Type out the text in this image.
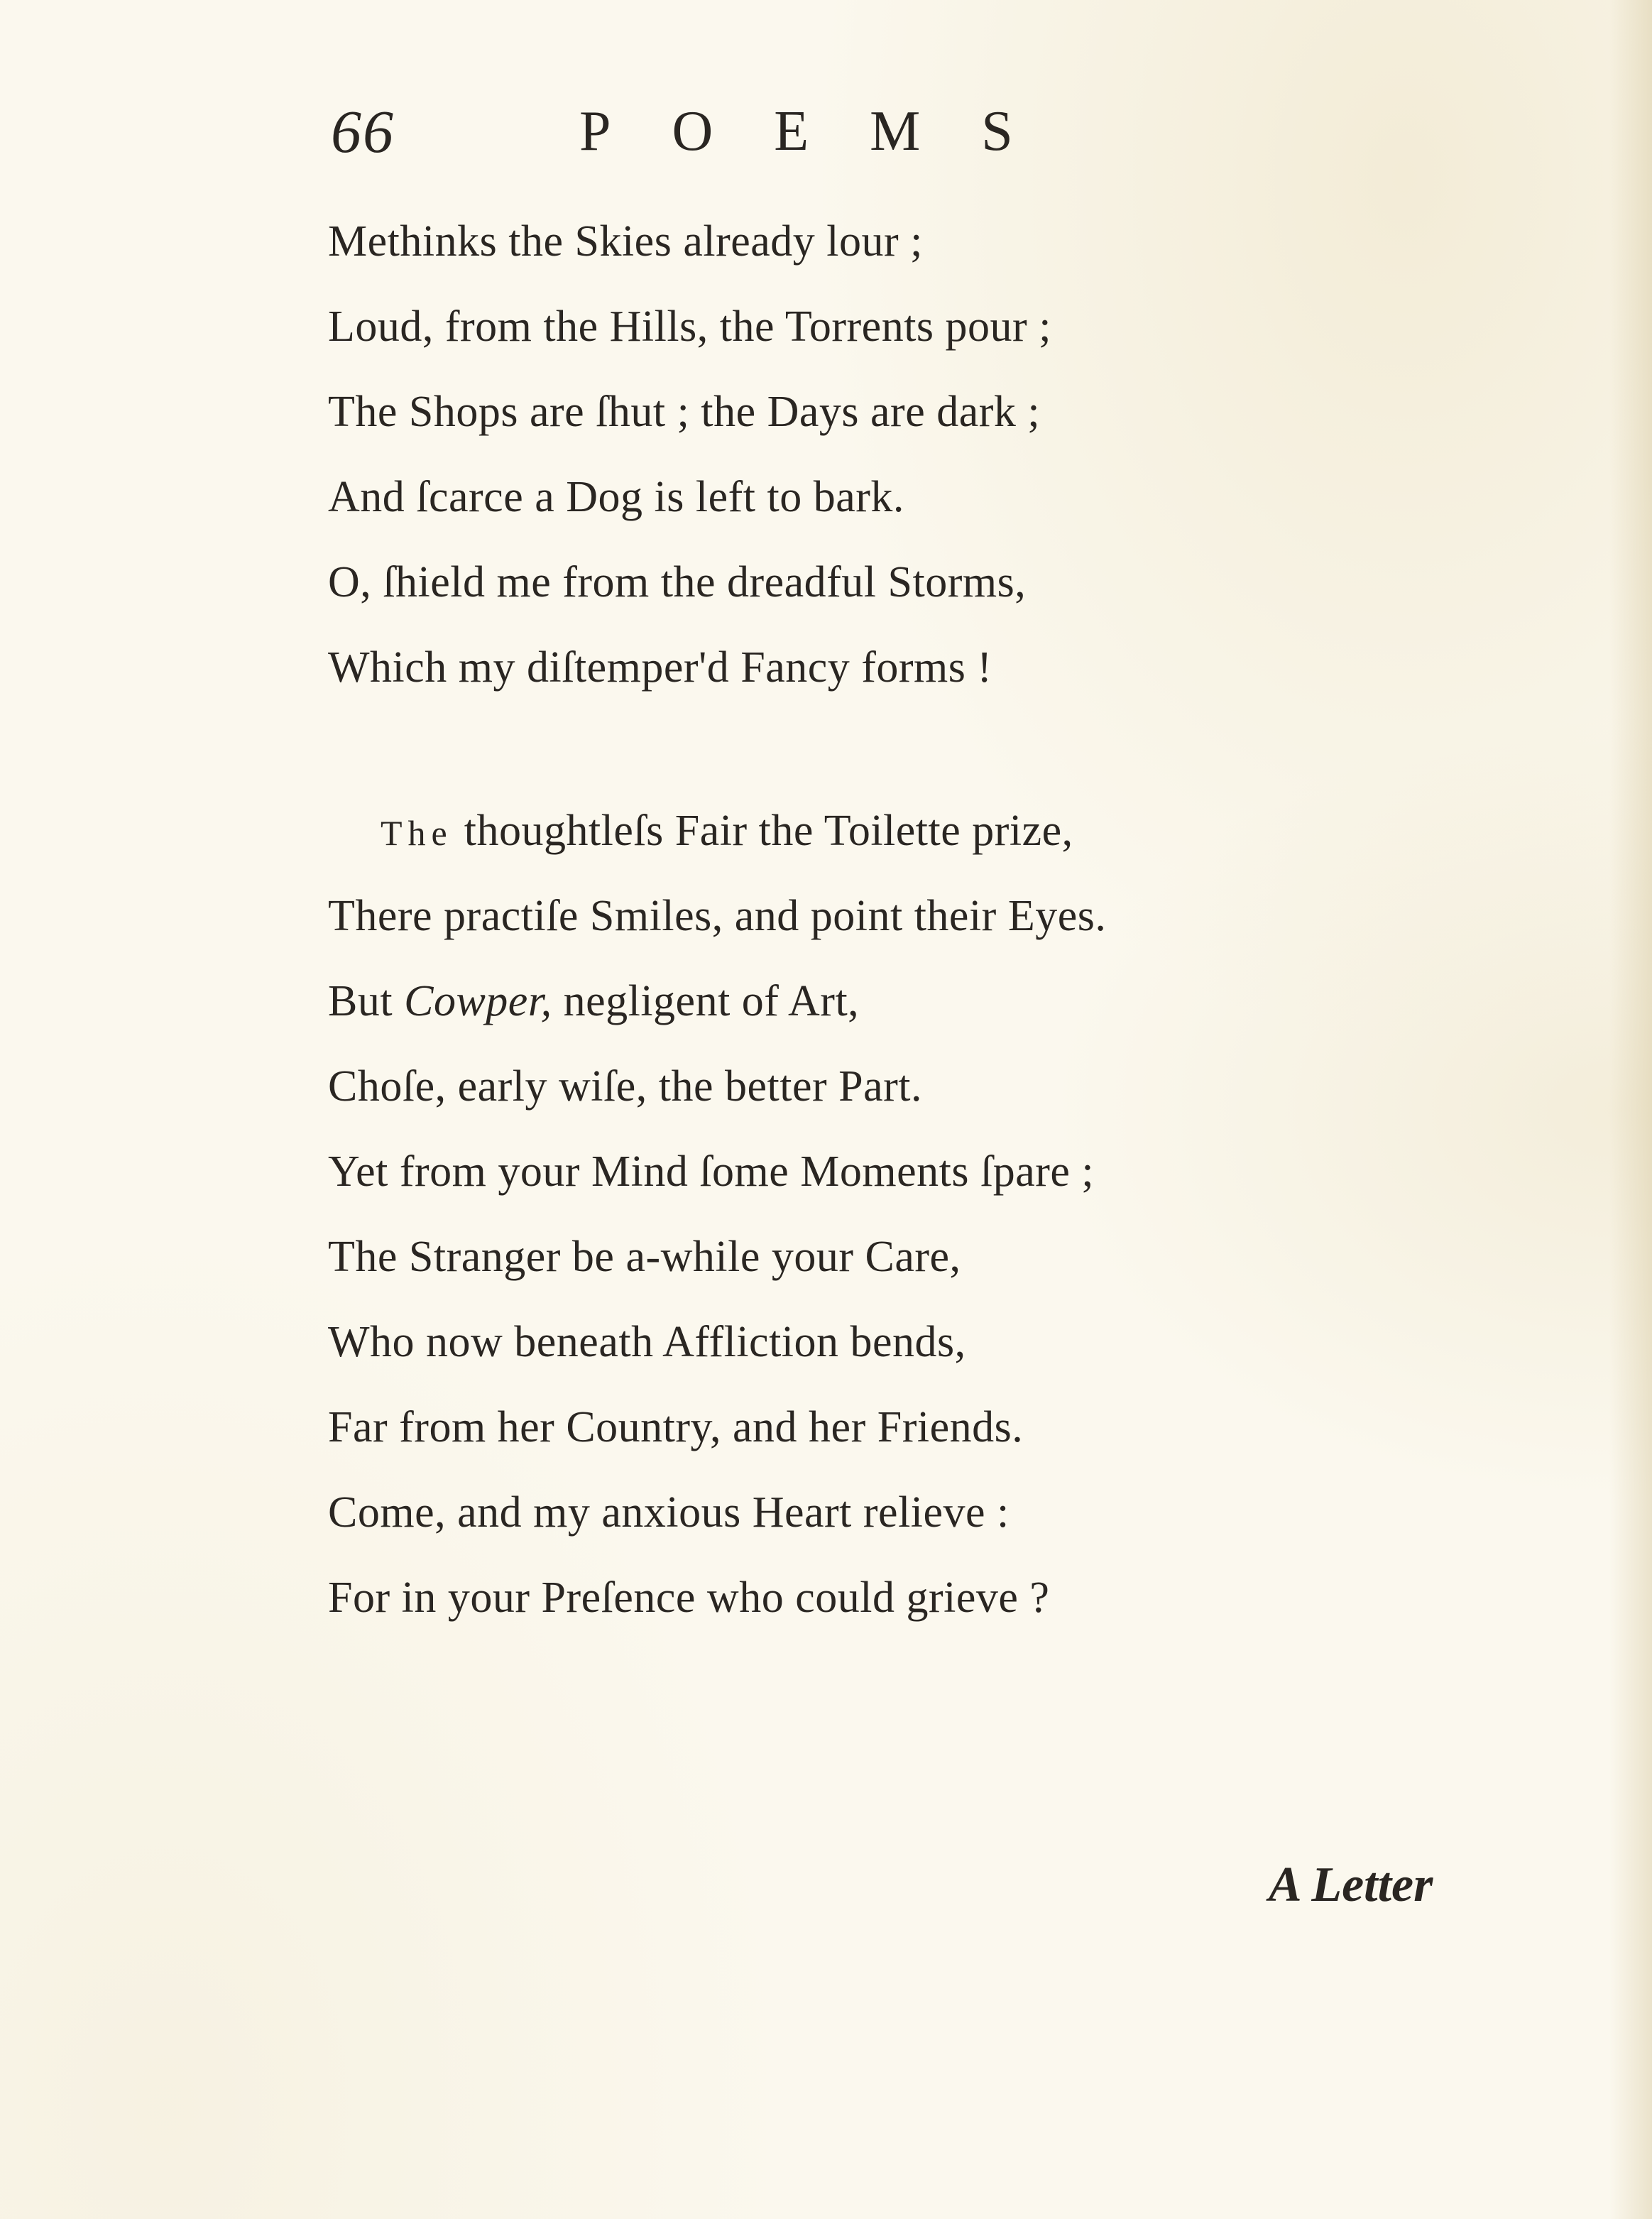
66	POEMS
Methinks the Skies already lour ;
Loud, from the Hills, the Torrents pour ;
The Shops are ſhut ; the Days are dark ;
And ſcarce a Dog is left to bark.
O, ſhield me from the dreadful Storms,
Which my diſtemper'd Fancy forms !
The thoughtleſs Fair the Toilette prize,
There practiſe Smiles, and point their Eyes.
But Cowper, negligent of Art,
Choſe, early wiſe, the better Part.
Yet from your Mind ſome Moments ſpare ;
The Stranger be a-while your Care,
Who now beneath Affliction bends,
Far from her Country, and her Friends.
Come, and my anxious Heart relieve :
For in your Preſence who could grieve ?
A Letter
